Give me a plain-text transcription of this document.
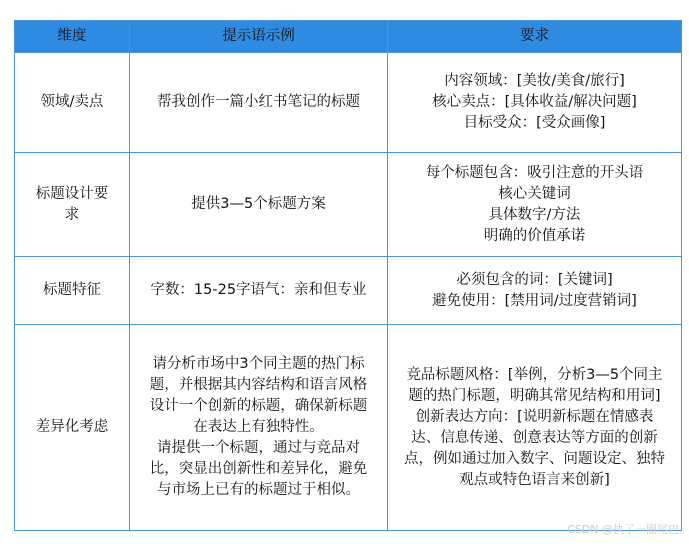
维度	提示语示例	要求
领域/卖点	帮我创作一篇小红书笔记的标题	内容领域：[美妆/美食/旅行]
核心卖点：[具体收益/解决问题]
目标受众：[受众画像]

标题设计要求	提供3—5个标题方案	每个标题包含：吸引注意的开头语
核心关键词
具体数字/方法
明确的价值承诺

标题特征	字数：15-25字语气：亲和但专业	必须包含的词：[关键词]
避免使用：[禁用词/过度营销词]

差异化考虑	请分析市场中3个同主题的热门标题，并根据其内容结构和语言风格设计一个创新的标题，确保新标题在表达上有独特性。
请提供一个标题，通过与竞品对比，突显出创新性和差异化，避免与市场上已有的标题过于相似。	竞品标题风格：[举例，分析3—5个同主题的热门标题，明确其常见结构和用词]
创新表达方向：[说明新标题在情感表达、信息传递、创意表达等方面的创新点，例如通过加入数字、问题设定、独特观点或特色语言来创新]
CSDN @执了一圈尾巴
